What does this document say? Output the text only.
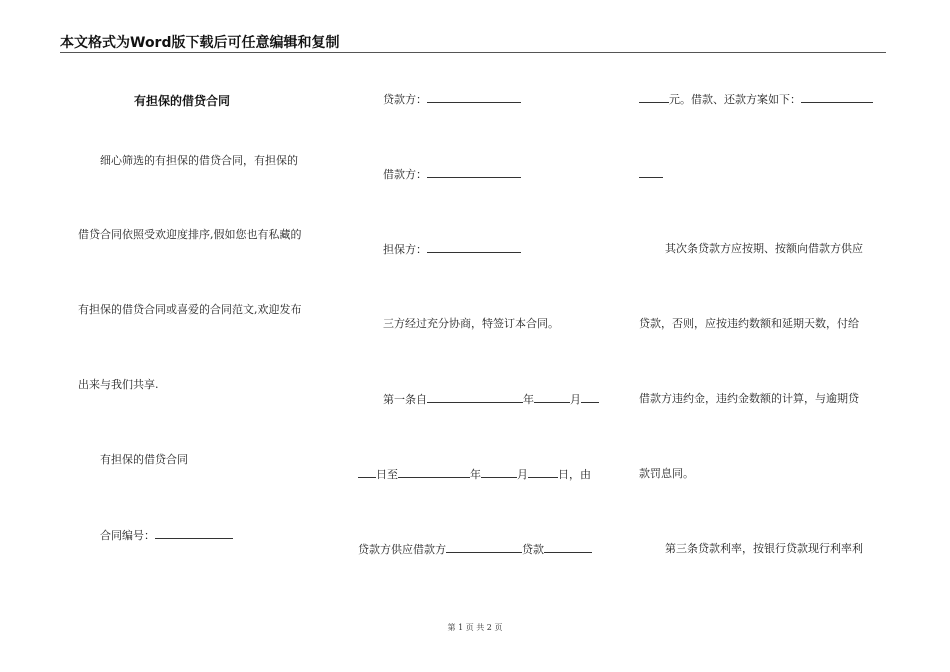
本文格式为Word版下载后可任意编辑和复制
有担保的借贷合同
细心筛选的有担保的借贷合同，有担保的
借贷合同依照受欢迎度排序,假如您也有私藏的
有担保的借贷合同或喜爱的合同范文,欢迎发布
出来与我们共享.
有担保的借贷合同
合同编号：
贷款方：
借款方：
担保方：
三方经过充分协商，特签订本合同。
第一条自	年	月
日至	年	月	日，由
贷款方供应借款方	贷款
元。借款、还款方案如下：
其次条贷款方应按期、按额向借款方供应
贷款，否则，应按违约数额和延期天数，付给
借款方违约金，违约金数额的计算，与逾期贷
款罚息同。
第三条贷款利率，按银行贷款现行利率利
第 1 页 共 2 页
